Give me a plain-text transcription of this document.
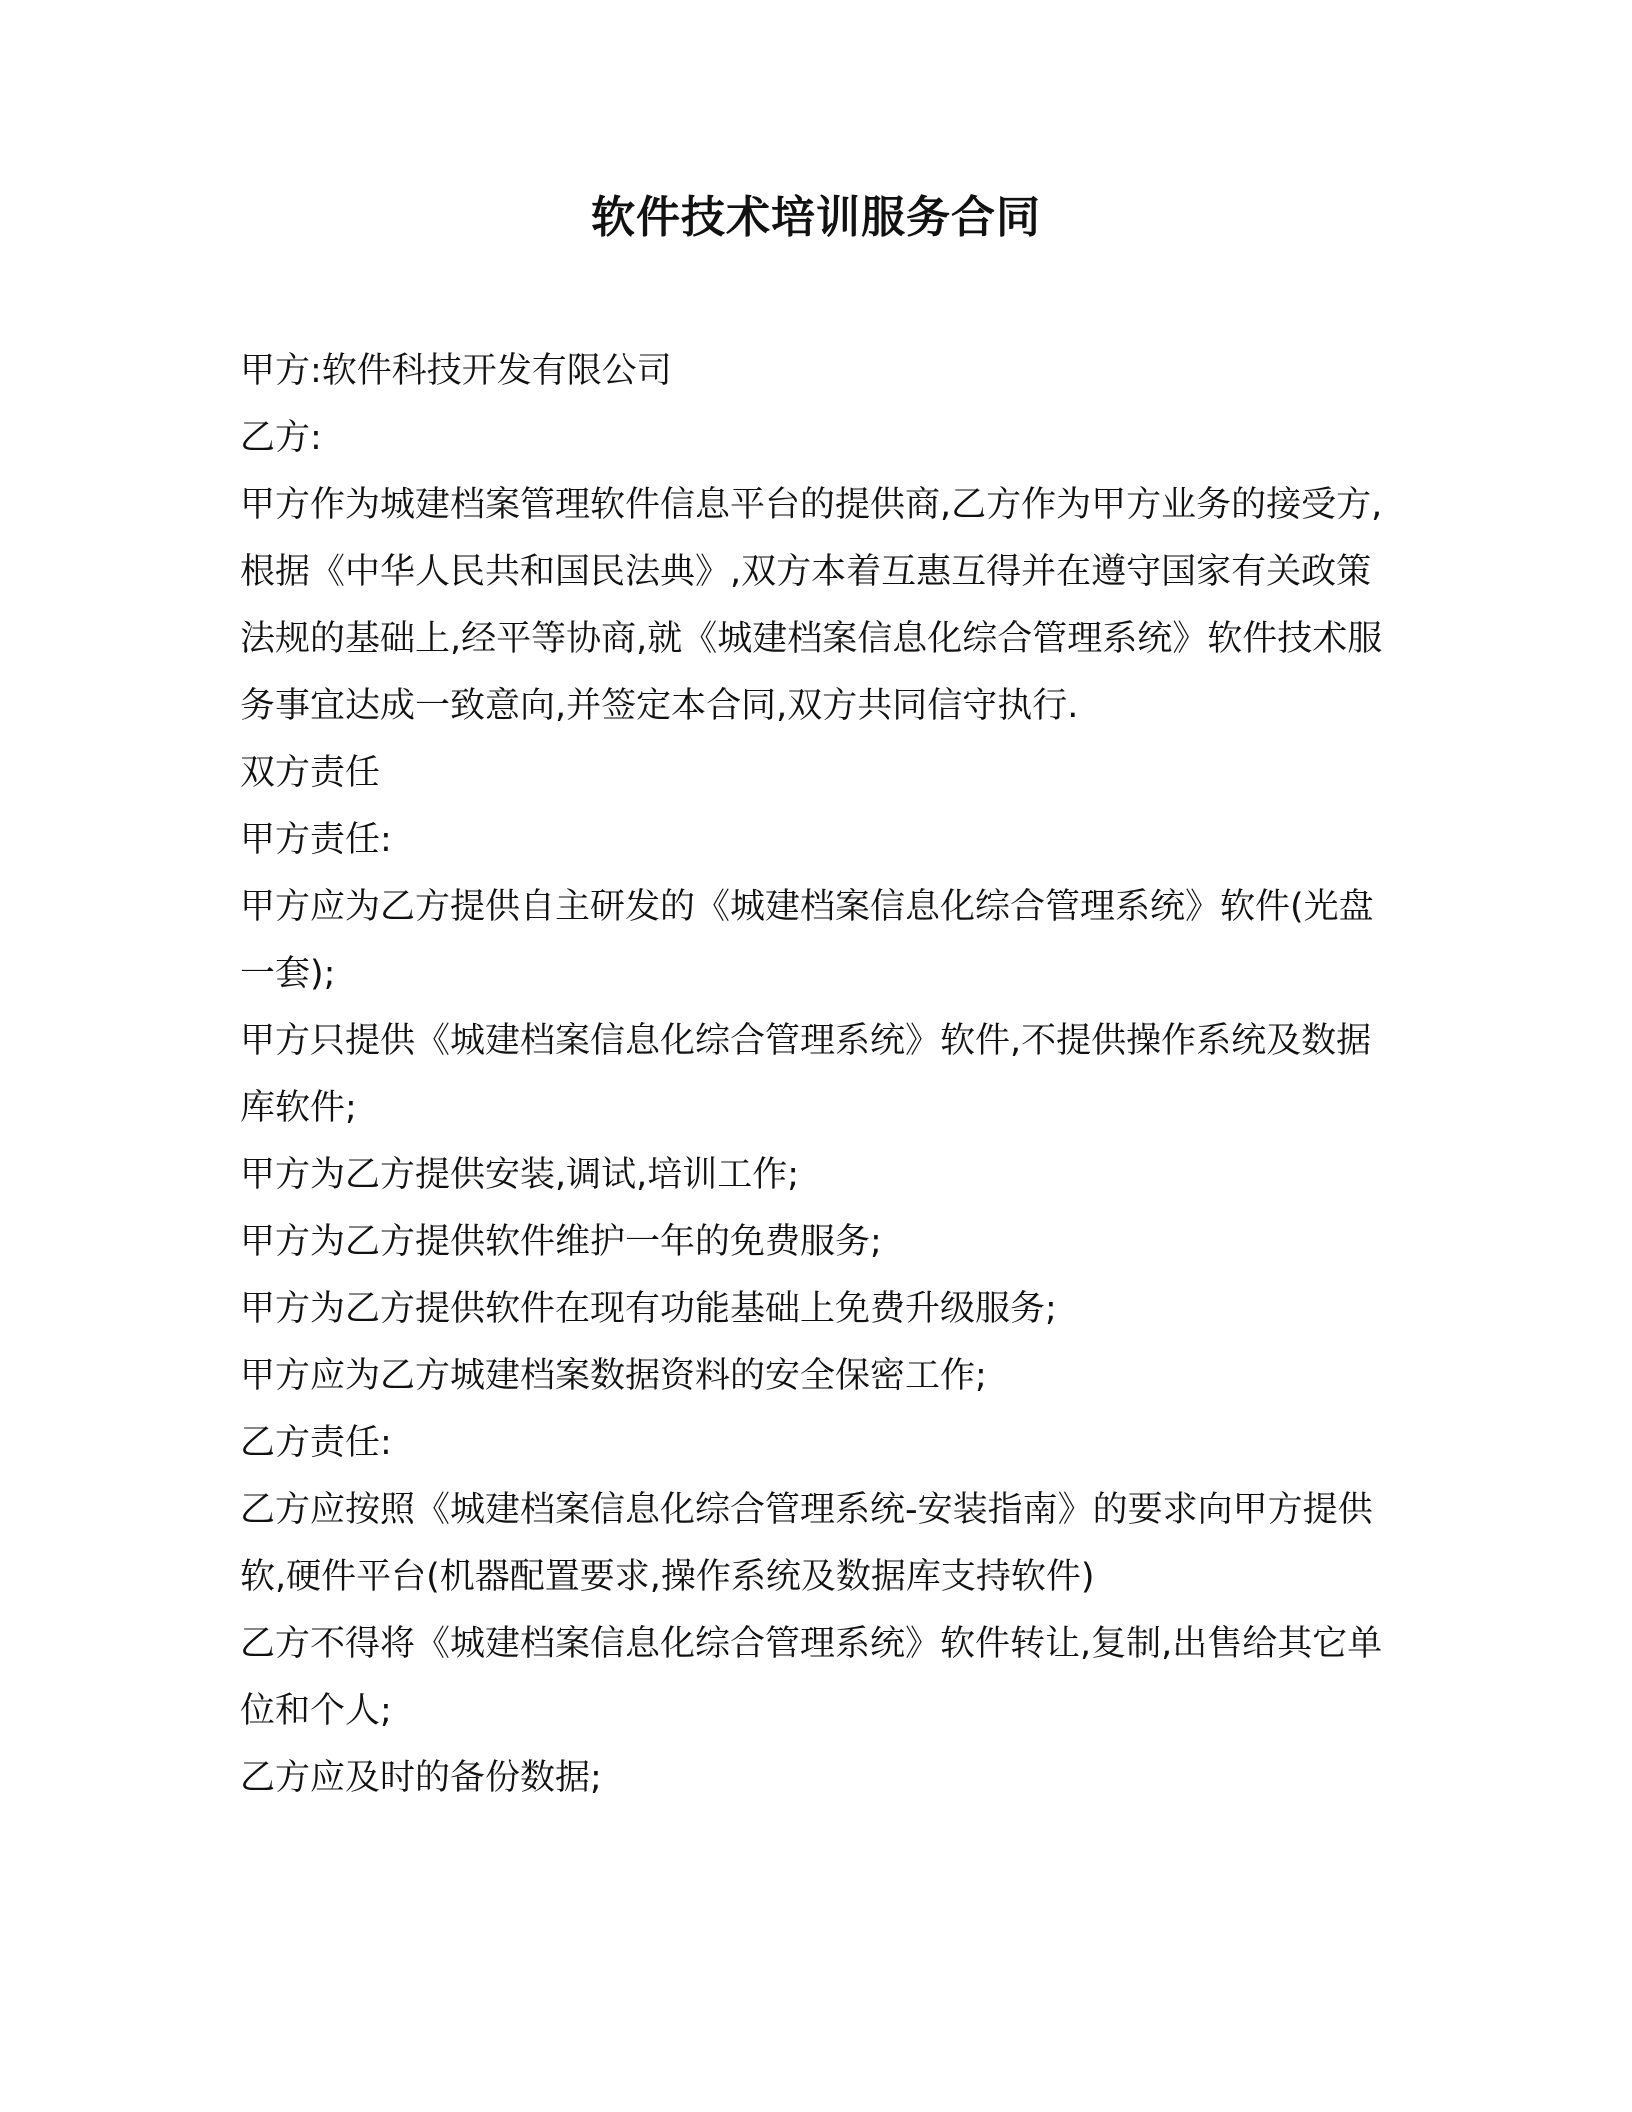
软件技术培训服务合同

甲方:软件科技开发有限公司

乙方:

甲方作为城建档案管理软件信息平台的提供商,乙方作为甲方业务的接受方,根据《中华人民共和国民法典》,双方本着互惠互得并在遵守国家有关政策法规的基础上,经平等协商,就《城建档案信息化综合管理系统》软件技术服务事宜达成一致意向,并签定本合同,双方共同信守执行.

双方责任

甲方责任:

甲方应为乙方提供自主研发的《城建档案信息化综合管理系统》软件(光盘一套);

甲方只提供《城建档案信息化综合管理系统》软件,不提供操作系统及数据库软件;

甲方为乙方提供安装,调试,培训工作;

甲方为乙方提供软件维护一年的免费服务;

甲方为乙方提供软件在现有功能基础上免费升级服务;

甲方应为乙方城建档案数据资料的安全保密工作;

乙方责任:

乙方应按照《城建档案信息化综合管理系统-安装指南》的要求向甲方提供软,硬件平台(机器配置要求,操作系统及数据库支持软件)

乙方不得将《城建档案信息化综合管理系统》软件转让,复制,出售给其它单位和个人;

乙方应及时的备份数据;
